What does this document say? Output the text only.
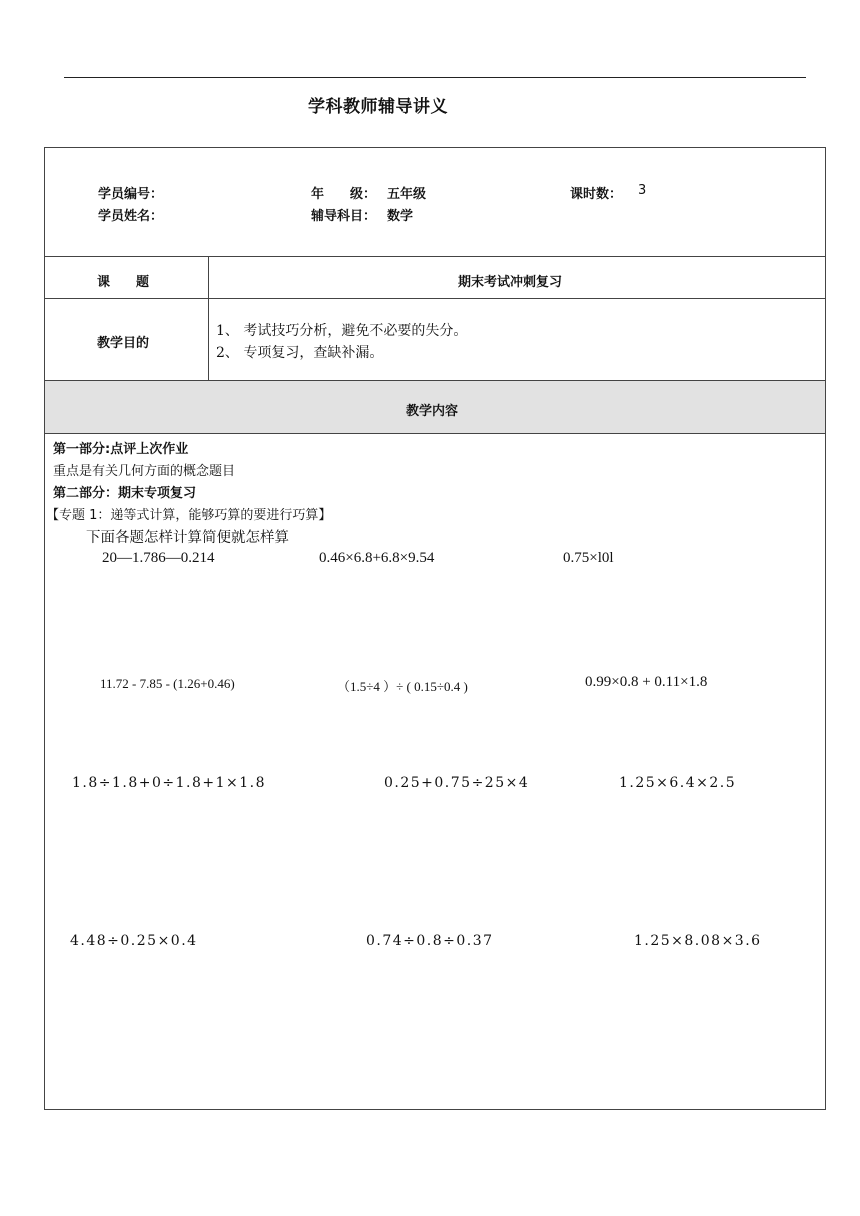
学科教师辅导讲义
学员编号：	年　　级： 五年级	课时数： 3
学员姓名：	辅导科目： 数学
课　　题	期末考试冲刺复习
教学目的
1、 考试技巧分析，避免不必要的失分。
2、 专项复习，查缺补漏。
教学内容
第一部分:点评上次作业
重点是有关几何方面的概念题目
第二部分：期末专项复习
【专题 1：递等式计算，能够巧算的要进行巧算】
下面各题怎样计算简便就怎样算
20—1.786—0.214	0.46×6.8+6.8×9.54	0.75×l0l
11.72 - 7.85 - (1.26+0.46)	（1.5÷4 ）÷ ( 0.15÷0.4 )	0.99×0.8 + 0.11×1.8
1.8÷1.8+0÷1.8+1×1.8	0.25+0.75÷25×4	1.25×6.4×2.5
4.48÷0.25×0.4	0.74÷0.8÷0.37	1.25×8.08×3.6
